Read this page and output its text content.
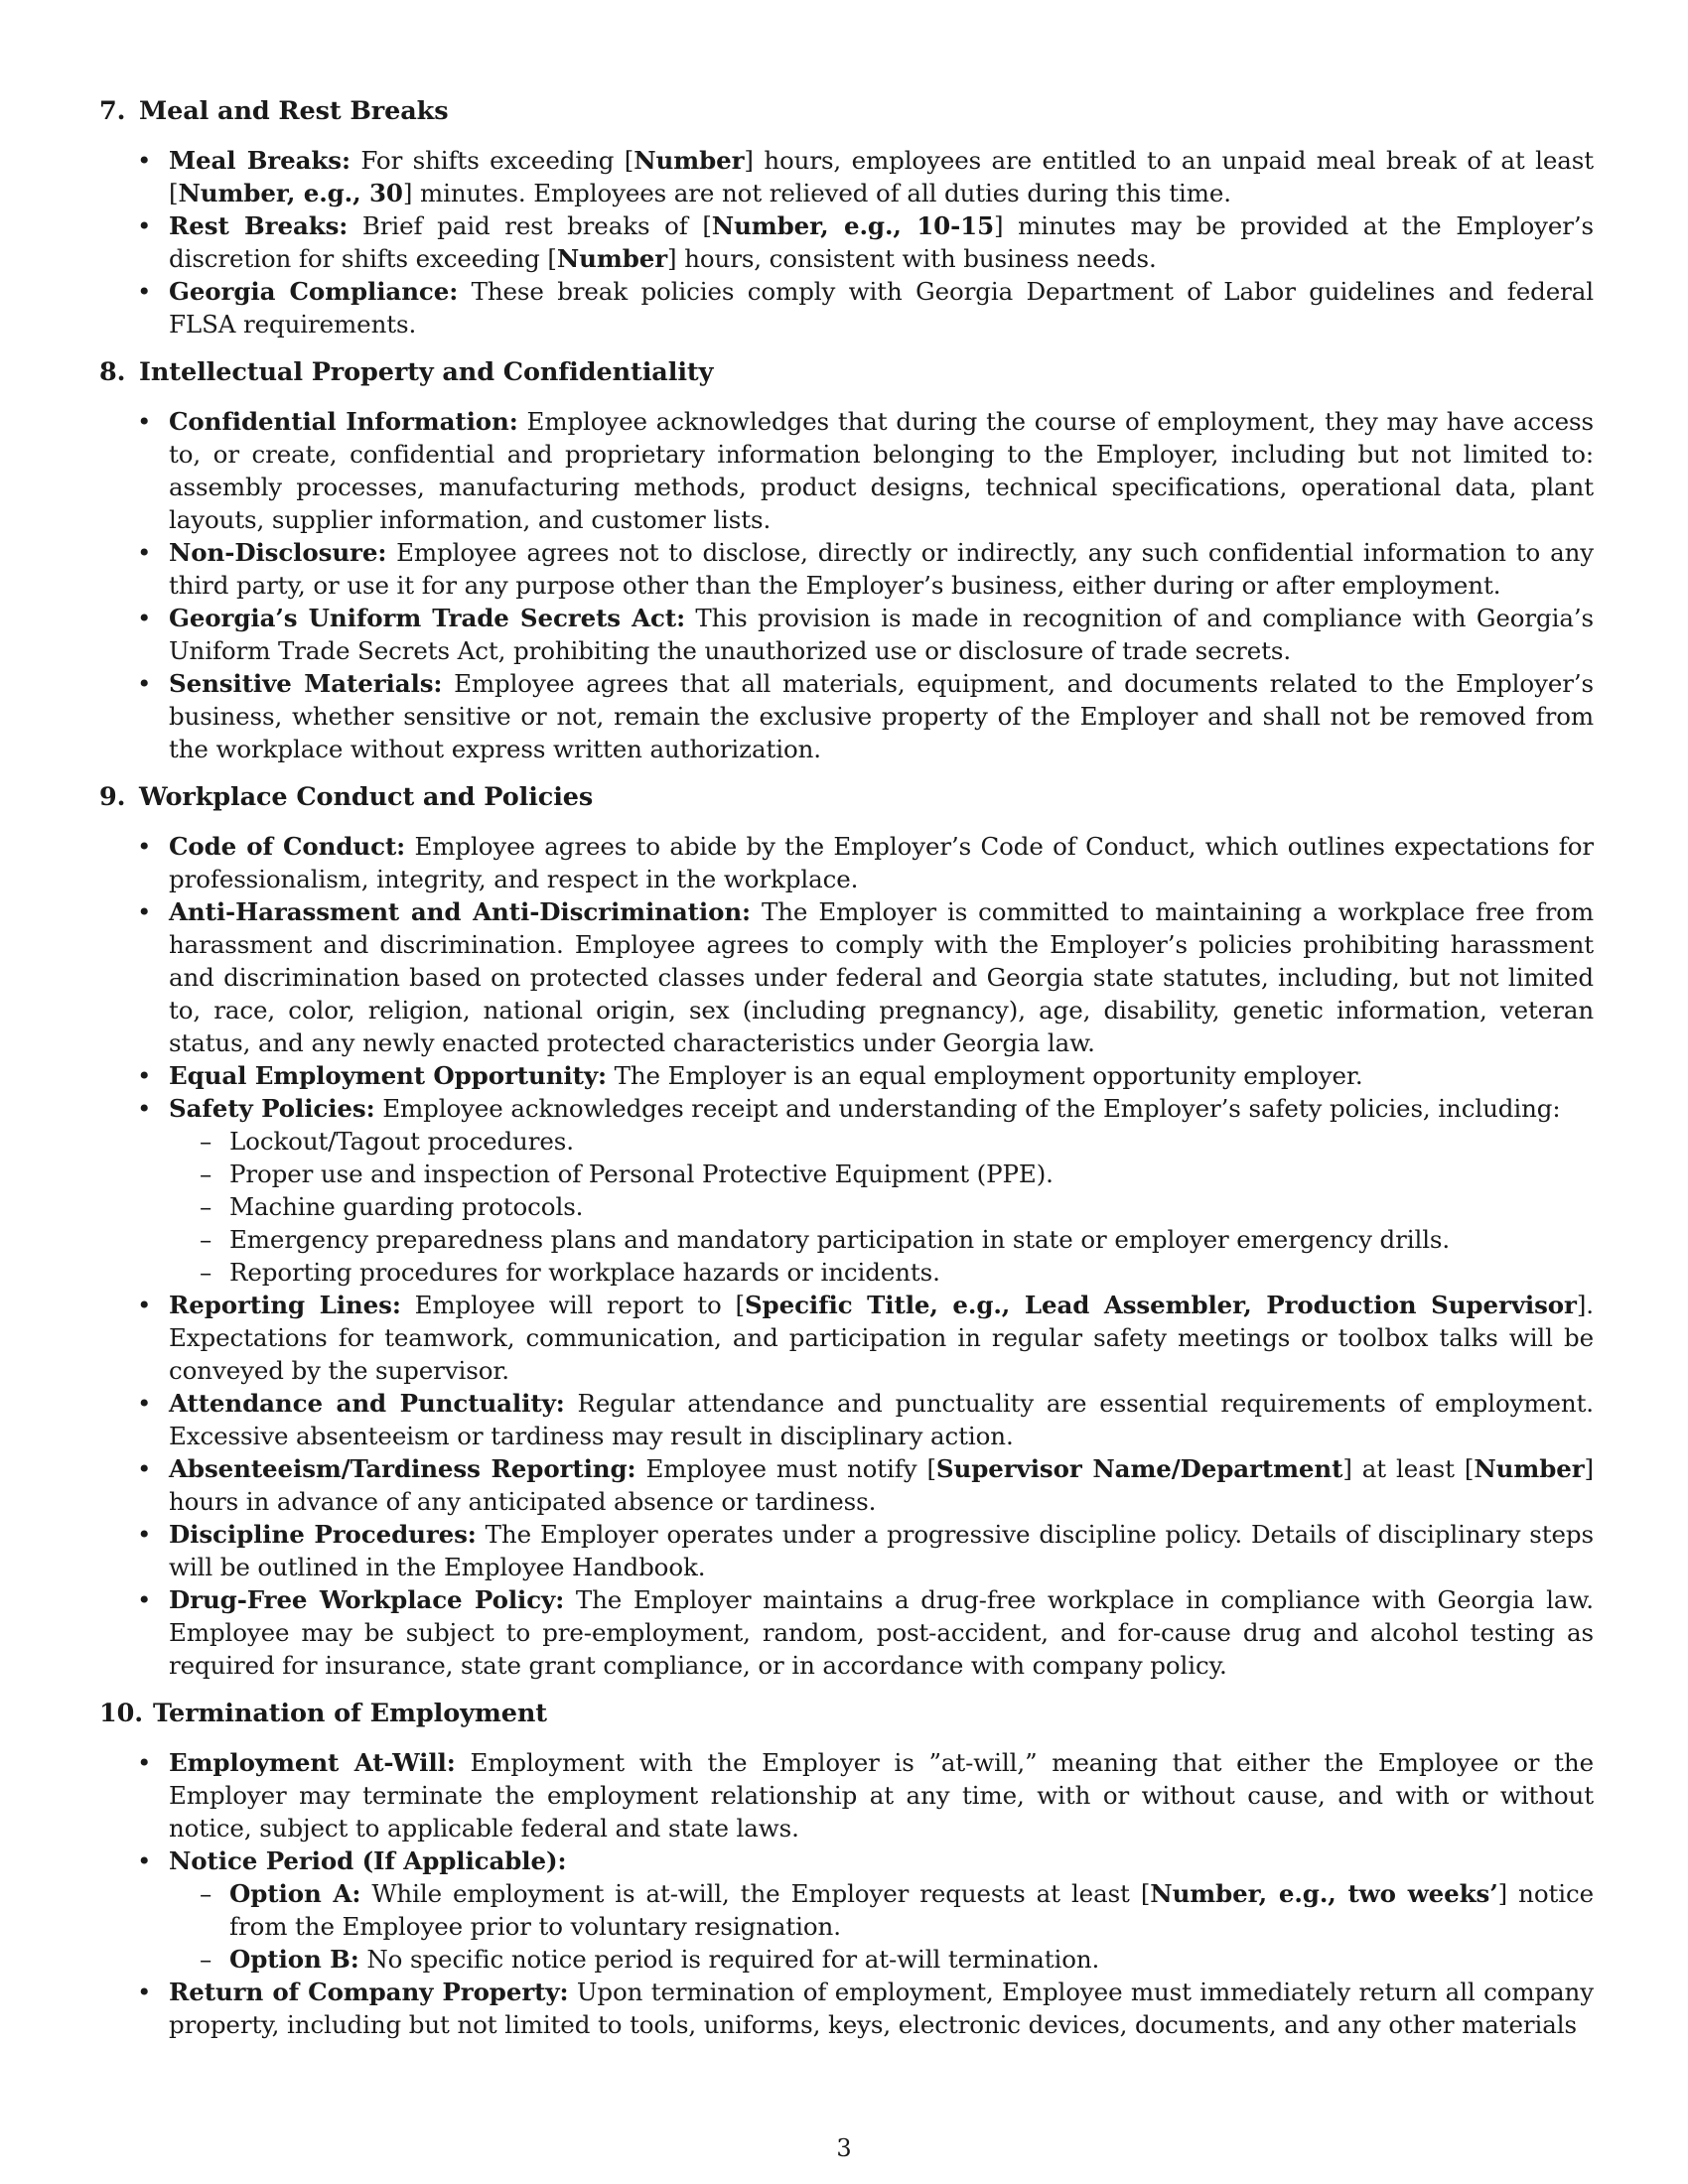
7. Meal and Rest Breaks
• Meal Breaks: For shifts exceeding [Number] hours, employees are entitled to an unpaid meal break of at least [Number, e.g., 30] minutes. Employees are not relieved of all duties during this time.
• Rest Breaks: Brief paid rest breaks of [Number, e.g., 10-15] minutes may be provided at the Employer’s discretion for shifts exceeding [Number] hours, consistent with business needs.
• Georgia Compliance: These break policies comply with Georgia Department of Labor guidelines and federal FLSA requirements.
8. Intellectual Property and Confidentiality
• Confidential Information: Employee acknowledges that during the course of employment, they may have access to, or create, confidential and proprietary information belonging to the Employer, including but not limited to: assembly processes, manufacturing methods, product designs, technical specifications, operational data, plant layouts, supplier information, and customer lists.
• Non-Disclosure: Employee agrees not to disclose, directly or indirectly, any such confidential information to any third party, or use it for any purpose other than the Employer’s business, either during or after employment.
• Georgia’s Uniform Trade Secrets Act: This provision is made in recognition of and compliance with Georgia’s Uniform Trade Secrets Act, prohibiting the unauthorized use or disclosure of trade secrets.
• Sensitive Materials: Employee agrees that all materials, equipment, and documents related to the Employer’s business, whether sensitive or not, remain the exclusive property of the Employer and shall not be removed from the workplace without express written authorization.
9. Workplace Conduct and Policies
• Code of Conduct: Employee agrees to abide by the Employer’s Code of Conduct, which outlines expectations for professionalism, integrity, and respect in the workplace.
• Anti-Harassment and Anti-Discrimination: The Employer is committed to maintaining a workplace free from harassment and discrimination. Employee agrees to comply with the Employer’s policies prohibiting harassment and discrimination based on protected classes under federal and Georgia state statutes, including, but not limited to, race, color, religion, national origin, sex (including pregnancy), age, disability, genetic information, veteran status, and any newly enacted protected characteristics under Georgia law.
• Equal Employment Opportunity: The Employer is an equal employment opportunity employer.
• Safety Policies: Employee acknowledges receipt and understanding of the Employer’s safety policies, including:
– Lockout/Tagout procedures.
– Proper use and inspection of Personal Protective Equipment (PPE).
– Machine guarding protocols.
– Emergency preparedness plans and mandatory participation in state or employer emergency drills.
– Reporting procedures for workplace hazards or incidents.
• Reporting Lines: Employee will report to [Specific Title, e.g., Lead Assembler, Production Supervisor]. Expectations for teamwork, communication, and participation in regular safety meetings or toolbox talks will be conveyed by the supervisor.
• Attendance and Punctuality: Regular attendance and punctuality are essential requirements of employment. Excessive absenteeism or tardiness may result in disciplinary action.
• Absenteeism/Tardiness Reporting: Employee must notify [Supervisor Name/Department] at least [Number] hours in advance of any anticipated absence or tardiness.
• Discipline Procedures: The Employer operates under a progressive discipline policy. Details of disciplinary steps will be outlined in the Employee Handbook.
• Drug-Free Workplace Policy: The Employer maintains a drug-free workplace in compliance with Georgia law. Employee may be subject to pre-employment, random, post-accident, and for-cause drug and alcohol testing as required for insurance, state grant compliance, or in accordance with company policy.
10. Termination of Employment
• Employment At-Will: Employment with the Employer is ”at-will,” meaning that either the Employee or the Employer may terminate the employment relationship at any time, with or without cause, and with or without notice, subject to applicable federal and state laws.
• Notice Period (If Applicable):
– Option A: While employment is at-will, the Employer requests at least [Number, e.g., two weeks’] notice from the Employee prior to voluntary resignation.
– Option B: No specific notice period is required for at-will termination.
• Return of Company Property: Upon termination of employment, Employee must immediately return all company property, including but not limited to tools, uniforms, keys, electronic devices, documents, and any other materials
3
